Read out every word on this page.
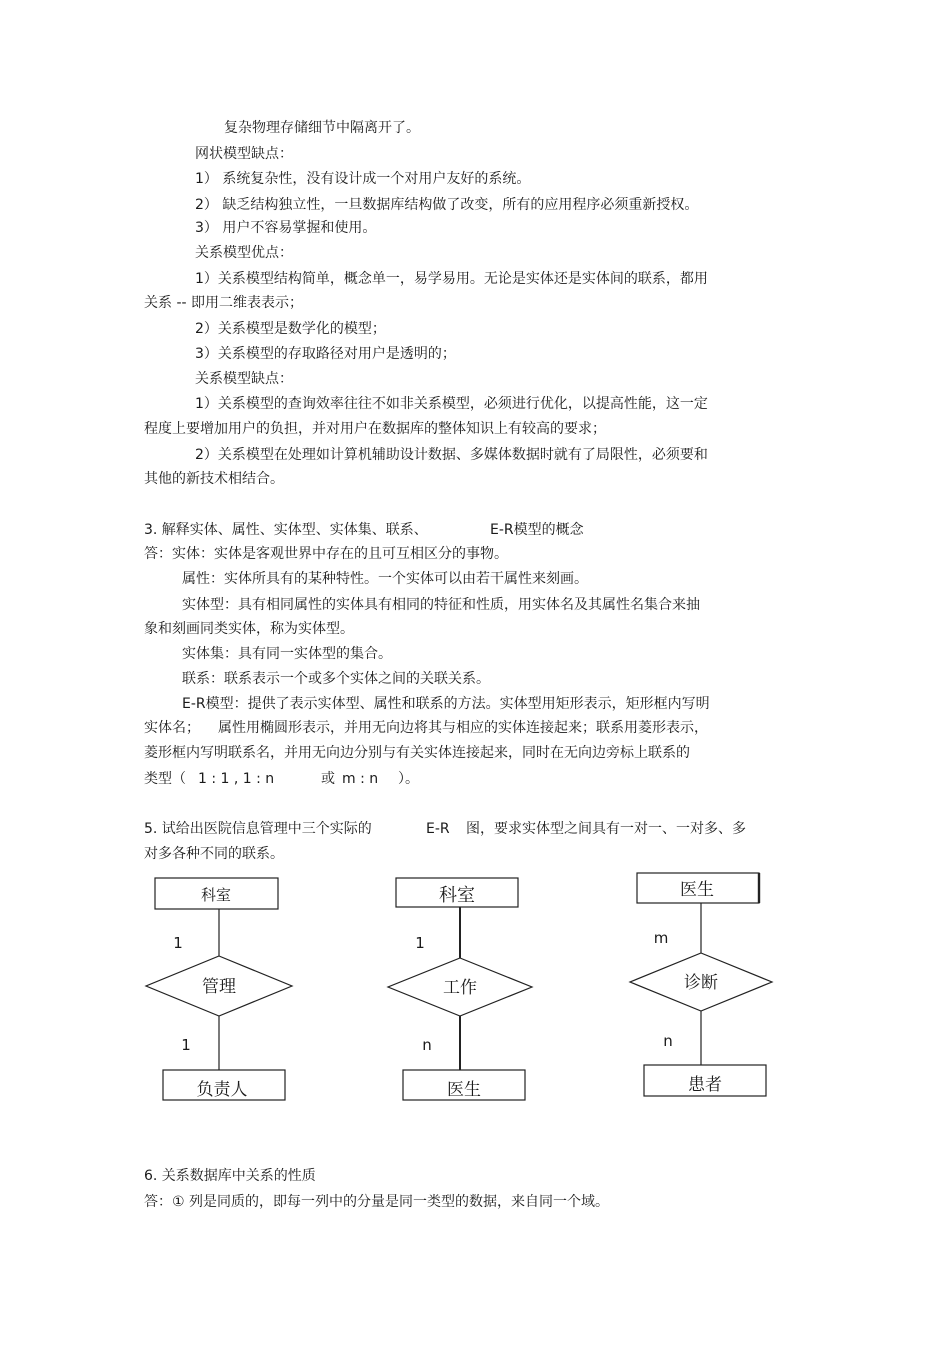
复杂物理存储细节中隔离开了。
网状模型缺点：
1） 系统复杂性，没有设计成一个对用户友好的系统。
2） 缺乏结构独立性，一旦数据库结构做了改变，所有的应用程序必须重新授权。
3） 用户不容易掌握和使用。
关系模型优点：
1）关系模型结构简单，概念单一，易学易用。无论是实体还是实体间的联系，都用
关系 -- 即用二维表表示；
2）关系模型是数学化的模型；
3）关系模型的存取路径对用户是透明的；
关系模型缺点：
1）关系模型的查询效率往往不如非关系模型，必须进行优化，以提高性能，这一定
程度上要增加用户的负担，并对用户在数据库的整体知识上有较高的要求；
2）关系模型在处理如计算机辅助设计数据、多媒体数据时就有了局限性，必须要和
其他的新技术相结合。
3. 解释实体、属性、实体型、实体集、联系、	E-R模型的概念
答：实体：实体是客观世界中存在的且可互相区分的事物。
属性：实体所具有的某种特性。一个实体可以由若干属性来刻画。
实体型：具有相同属性的实体具有相同的特征和性质，用实体名及其属性名集合来抽
象和刻画同类实体，称为实体型。
实体集：具有同一实体型的集合。
联系：联系表示一个或多个实体之间的关联关系。
E-R模型：提供了表示实体型、属性和联系的方法。实体型用矩形表示，矩形框内写明
实体名； 属性用椭圆形表示，并用无向边将其与相应的实体连接起来；联系用菱形表示，
菱形框内写明联系名，并用无向边分别与有关实体连接起来，同时在无向边旁标上联系的
类型（ 1 : 1 , 1 : n	或 m : n ）。
5. 试给出医院信息管理中三个实际的	E-R 图，要求实体型之间具有一对一、一对多、多
对多各种不同的联系。
科室
1
管理
1
负责人
科室
1
工作
n
医生
医生
m
诊断
n
患者
6. 关系数据库中关系的性质
答：① 列是同质的，即每一列中的分量是同一类型的数据，来自同一个域。
